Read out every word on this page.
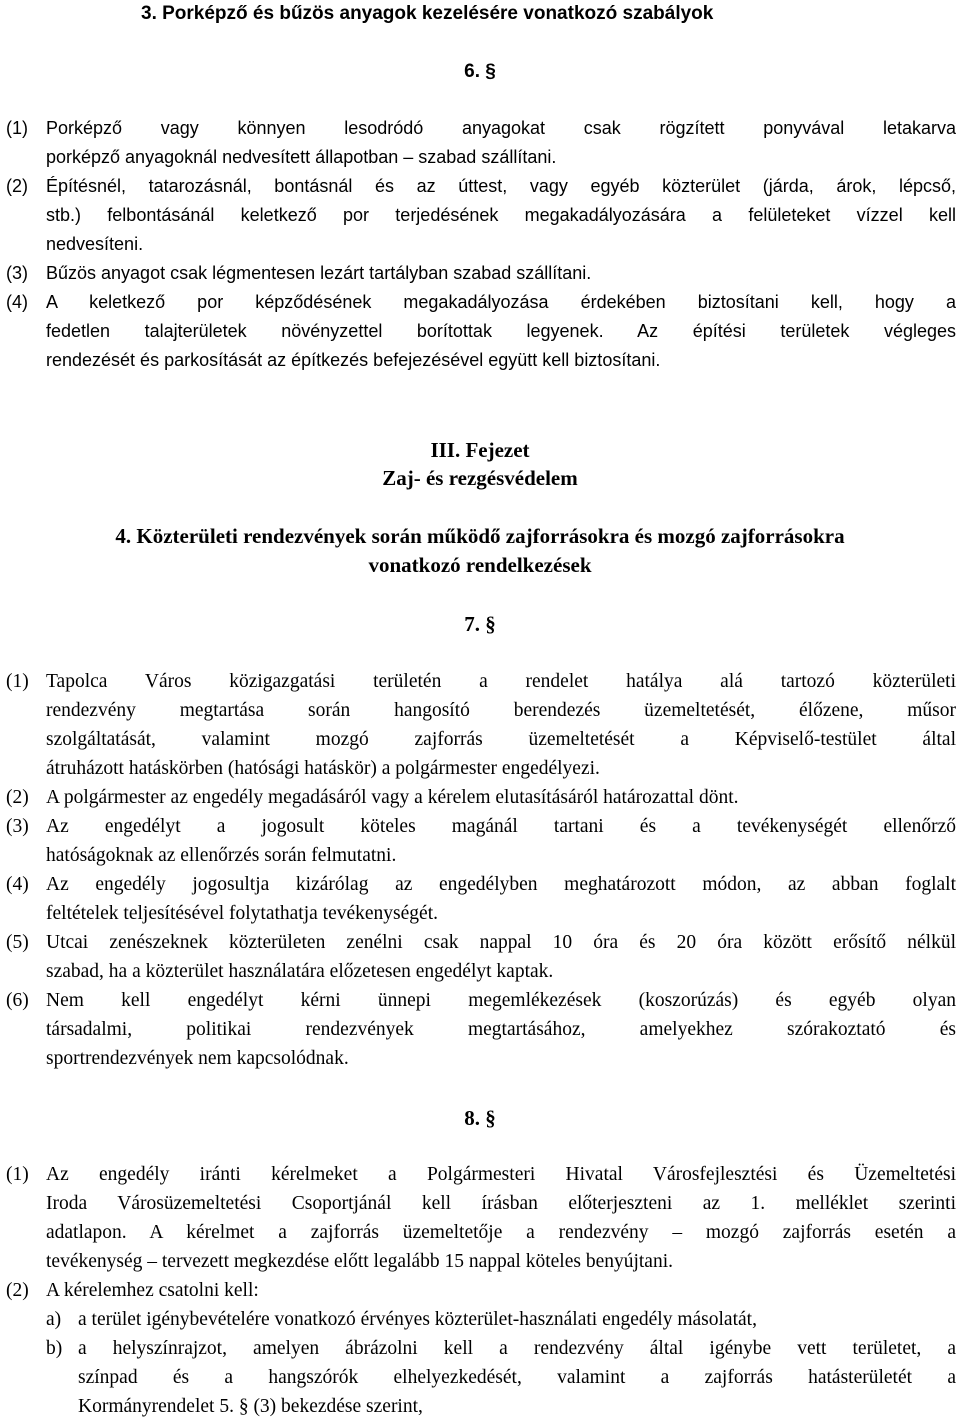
3. Porképző és bűzös anyagok kezelésére vonatkozó szabályok
6. §
(1)	Porképző vagy könnyen lesodródó anyagokat csak rögzített ponyvával letakarva
porképző anyagoknál nedvesített állapotban – szabad szállítani.
(2)	Építésnél, tatarozásnál, bontásnál és az úttest, vagy egyéb közterület (járda, árok, lépcső,
stb.) felbontásánál keletkező por terjedésének megakadályozására a felületeket vízzel kell
nedvesíteni.
(3)	Bűzös anyagot csak légmentesen lezárt tartályban szabad szállítani.
(4)	A keletkező por képződésének megakadályozása érdekében biztosítani kell, hogy a
fedetlen talajterületek növényzettel borítottak legyenek. Az építési területek végleges
rendezését és parkosítását az építkezés befejezésével együtt kell biztosítani.
III. Fejezet
Zaj- és rezgésvédelem
4. Közterületi rendezvények során működő zajforrásokra és mozgó zajforrásokra
vonatkozó rendelkezések
7. §
(1) Tapolca Város közigazgatási területén a rendelet hatálya alá tartozó közterületi
rendezvény megtartása során hangosító berendezés üzemeltetését, élőzene, műsor
szolgáltatását, valamint mozgó zajforrás üzemeltetését a Képviselő-testület által
átruházott hatáskörben (hatósági hatáskör) a polgármester engedélyezi.
(2) A polgármester az engedély megadásáról vagy a kérelem elutasításáról határozattal dönt.
(3) Az engedélyt a jogosult köteles magánál tartani és a tevékenységét ellenőrző
hatóságoknak az ellenőrzés során felmutatni.
(4) Az engedély jogosultja kizárólag az engedélyben meghatározott módon, az abban foglalt
feltételek teljesítésével folytathatja tevékenységét.
(5) Utcai zenészeknek közterületen zenélni csak nappal 10 óra és 20 óra között erősítő nélkül
szabad, ha a közterület használatára előzetesen engedélyt kaptak.
(6) Nem kell engedélyt kérni ünnepi megemlékezések (koszorúzás) és egyéb olyan
társadalmi, politikai rendezvények megtartásához, amelyekhez szórakoztató és
sportrendezvények nem kapcsolódnak.
8. §
(1) Az engedély iránti kérelmeket a Polgármesteri Hivatal Városfejlesztési és Üzemeltetési
Iroda Városüzemeltetési Csoportjánál kell írásban előterjeszteni az 1. melléklet szerinti
adatlapon. A kérelmet a zajforrás üzemeltetője a rendezvény – mozgó zajforrás esetén a
tevékenység – tervezett megkezdése előtt legalább 15 nappal köteles benyújtani.
(2) A kérelemhez csatolni kell:
a) a terület igénybevételére vonatkozó érvényes közterület-használati engedély másolatát,
b) a helyszínrajzot, amelyen ábrázolni kell a rendezvény által igénybe vett területet, a
színpad és a hangszórók elhelyezkedését, valamint a zajforrás hatásterületét a
Kormányrendelet 5. § (3) bekezdése szerint,
